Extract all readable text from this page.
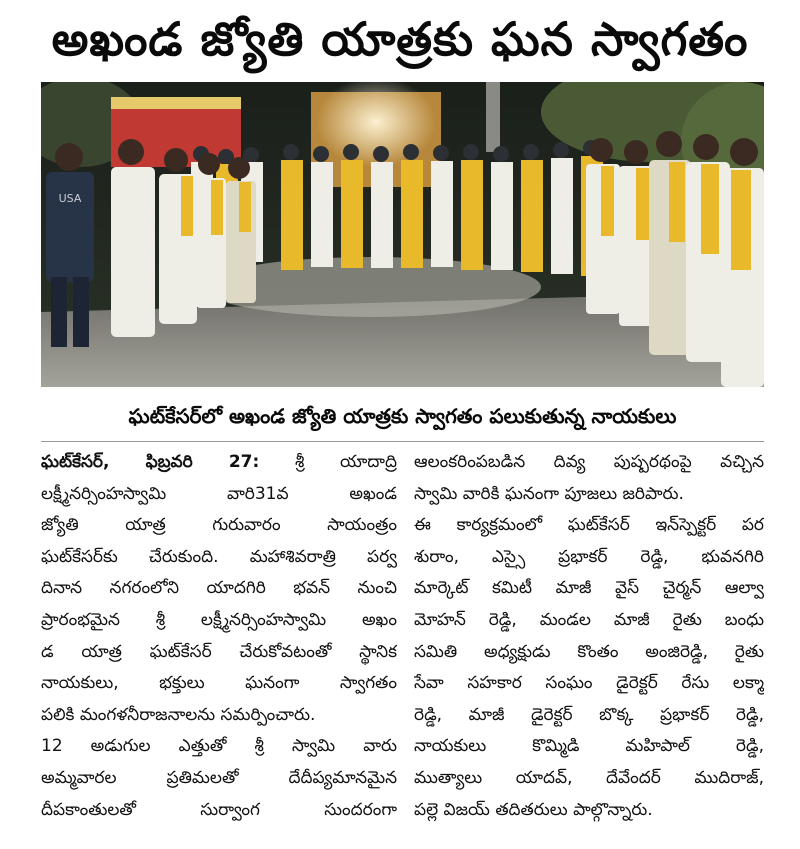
అఖండ జ్యోతి యాత్రకు ఘన స్వాగతం
USA
ఘట్‌కేసర్‌లో అఖండ జ్యోతి యాత్రకు స్వాగతం పలుకుతున్న నాయకులు
ఘట్‌కేసర్, ఫిబ్రవరి 27: శ్రీ యాదాద్రి
లక్ష్మీనర్సింహస్వామి వారి31వ అఖండ
జ్యోతి యాత్ర గురువారం సాయంత్రం
ఘట్‌కేసర్‌కు చేరుకుంది. మహాశివరాత్రి పర్వ
దినాన నగరంలోని యాదగిరి భవన్ నుంచి
ప్రారంభమైన శ్రీ లక్ష్మీనర్సింహస్వామి అఖం
డ యాత్ర ఘట్‌కేసర్ చేరుకోవటంతో స్థానిక
నాయకులు, భక్తులు ఘనంగా స్వాగతం
పలికి మంగళనీరాజనాలను సమర్పించారు.
12 అడుగుల ఎత్తుతో శ్రీ స్వామి వారు
అమ్మవారల ప్రతిమలతో దేదీప్యమానమైన
దీపకాంతులతో సుర్వాంగ సుందరంగా
ఆలంకరింపబడిన దివ్య పుష్పరథంపై వచ్చిన
స్వామి వారికి ఘనంగా పూజలు జరిపారు.
ఈ కార్యక్రమంలో ఘట్‌కేసర్ ఇన్‌స్పెక్టర్ పర
శురాం, ఎస్సై ప్రభాకర్ రెడ్డి, భువనగిరి
మార్కెట్ కమిటీ మాజీ వైస్ చైర్మన్ ఆల్వా
మోహన్ రెడ్డి, మండల మాజీ రైతు బంధు
సమితి అధ్యక్షుడు కొంతం అంజిరెడ్డి, రైతు
సేవా సహకార సంఘం డైరెక్టర్ రేసు లక్మా
రెడ్డి, మాజీ డైరెక్టర్ బొక్క ప్రభాకర్ రెడ్డి,
నాయకులు కొమ్మిడి మహిపాల్ రెడ్డి,
ముత్యాలు యాదవ్, దేవేందర్ ముదిరాజ్,
పల్లె విజయ్ తదితరులు పాల్గొన్నారు.
